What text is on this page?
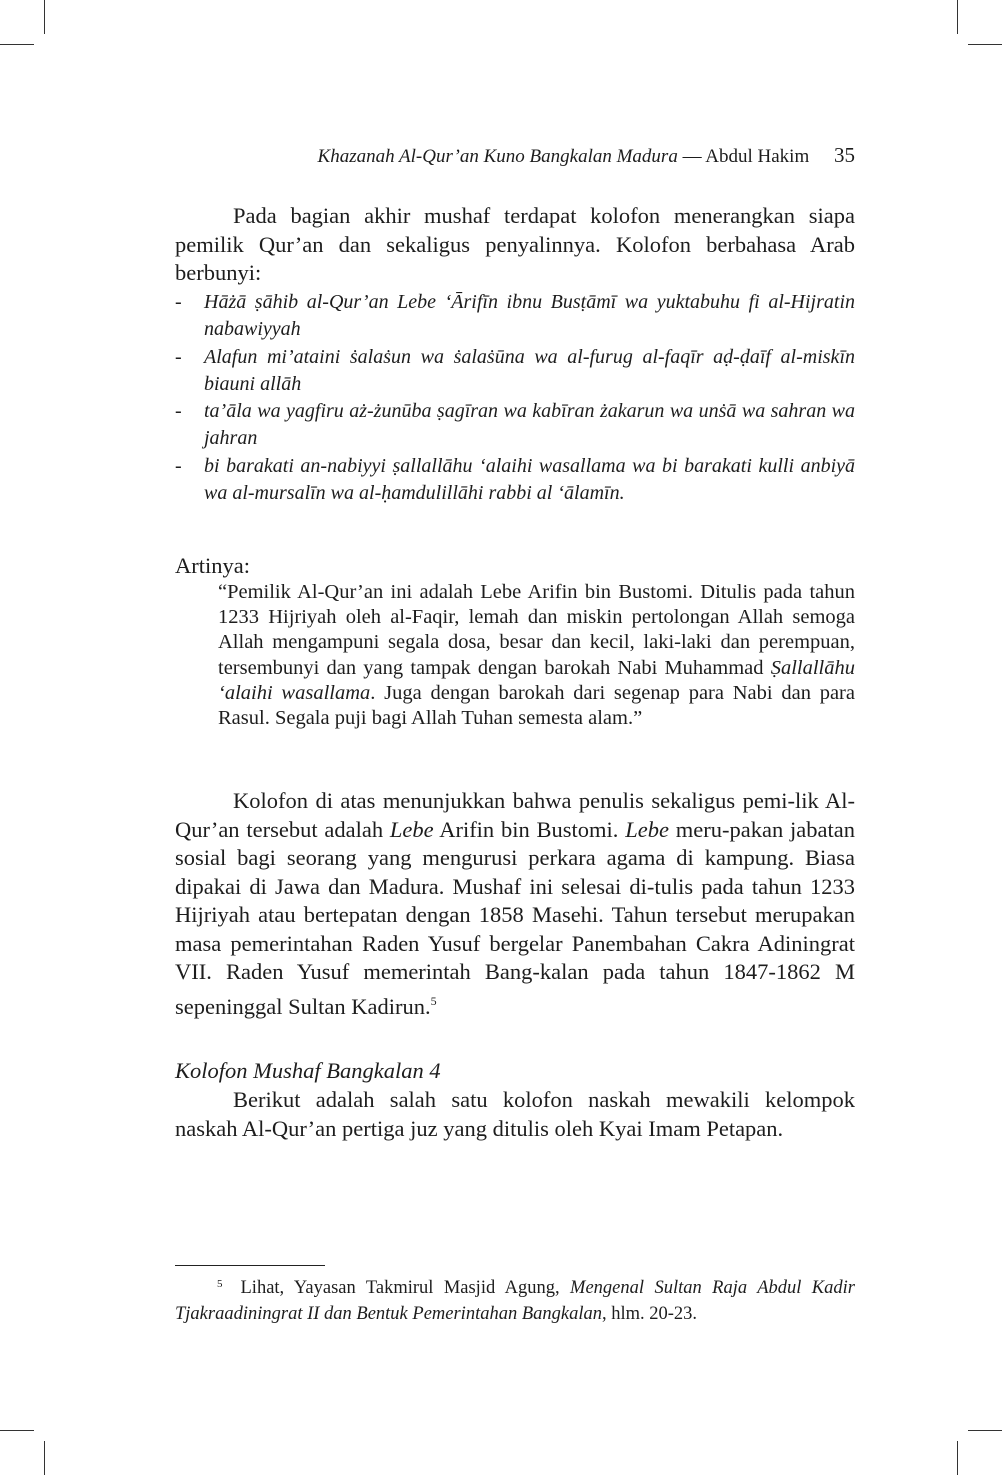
Khazanah Al-Qur’an Kuno Bangkalan Madura — Abdul Hakim 35

Pada bagian akhir mushaf terdapat kolofon menerangkan siapa pemilik Qur’an dan sekaligus penyalinnya. Kolofon berbahasa Arab berbunyi:

- Hāżā ṣāhib al-Qur’an Lebe ‘Ārifīn ibnu Busṭāmī wa yuktabuhu fi al-Hijratin nabawiyyah
- Alafun mi’ataini ṡalaṡun wa ṡalaṡūna wa al-furug al-faqīr aḍ-ḍaīf al-miskīn biauni allāh
- ta’āla wa yagfiru aż-żunūba ṣagīran wa kabīran żakarun wa unṡā wa sahran wa jahran
- bi barakati an-nabiyyi ṣallallāhu ‘alaihi wasallama wa bi barakati kulli anbiyā wa al-mursalīn wa al-ḥamdulillāhi rabbi al ‘ālamīn.
Artinya:

“Pemilik Al-Qur’an ini adalah Lebe Arifin bin Bustomi. Ditulis pada tahun 1233 Hijriyah oleh al-Faqir, lemah dan miskin pertolongan Allah semoga Allah mengampuni segala dosa, besar dan kecil, laki-laki dan perempuan, tersembunyi dan yang tampak dengan barokah Nabi Muhammad Ṣallallāhu ‘alaihi wasallama. Juga dengan barokah dari segenap para Nabi dan para Rasul. Segala puji bagi Allah Tuhan semesta alam.”

Kolofon di atas menunjukkan bahwa penulis sekaligus pemi-lik Al-Qur’an tersebut adalah Lebe Arifin bin Bustomi. Lebe meru-pakan jabatan sosial bagi seorang yang mengurusi perkara agama di kampung. Biasa dipakai di Jawa dan Madura. Mushaf ini selesai di-tulis pada tahun 1233 Hijriyah atau bertepatan dengan 1858 Masehi. Tahun tersebut merupakan masa pemerintahan Raden Yusuf bergelar Panembahan Cakra Adiningrat VII. Raden Yusuf memerintah Bang-kalan pada tahun 1847-1862 M sepeninggal Sultan Kadirun.$^5$

Kolofon Mushaf Bangkalan 4

Berikut adalah salah satu kolofon naskah mewakili kelompok naskah Al-Qur’an pertiga juz yang ditulis oleh Kyai Imam Petapan.

$^5$ Lihat, Yayasan Takmirul Masjid Agung, Mengenal Sultan Raja Abdul Kadir Tjakraadiningrat II dan Bentuk Pemerintahan Bangkalan, hlm. 20-23.
